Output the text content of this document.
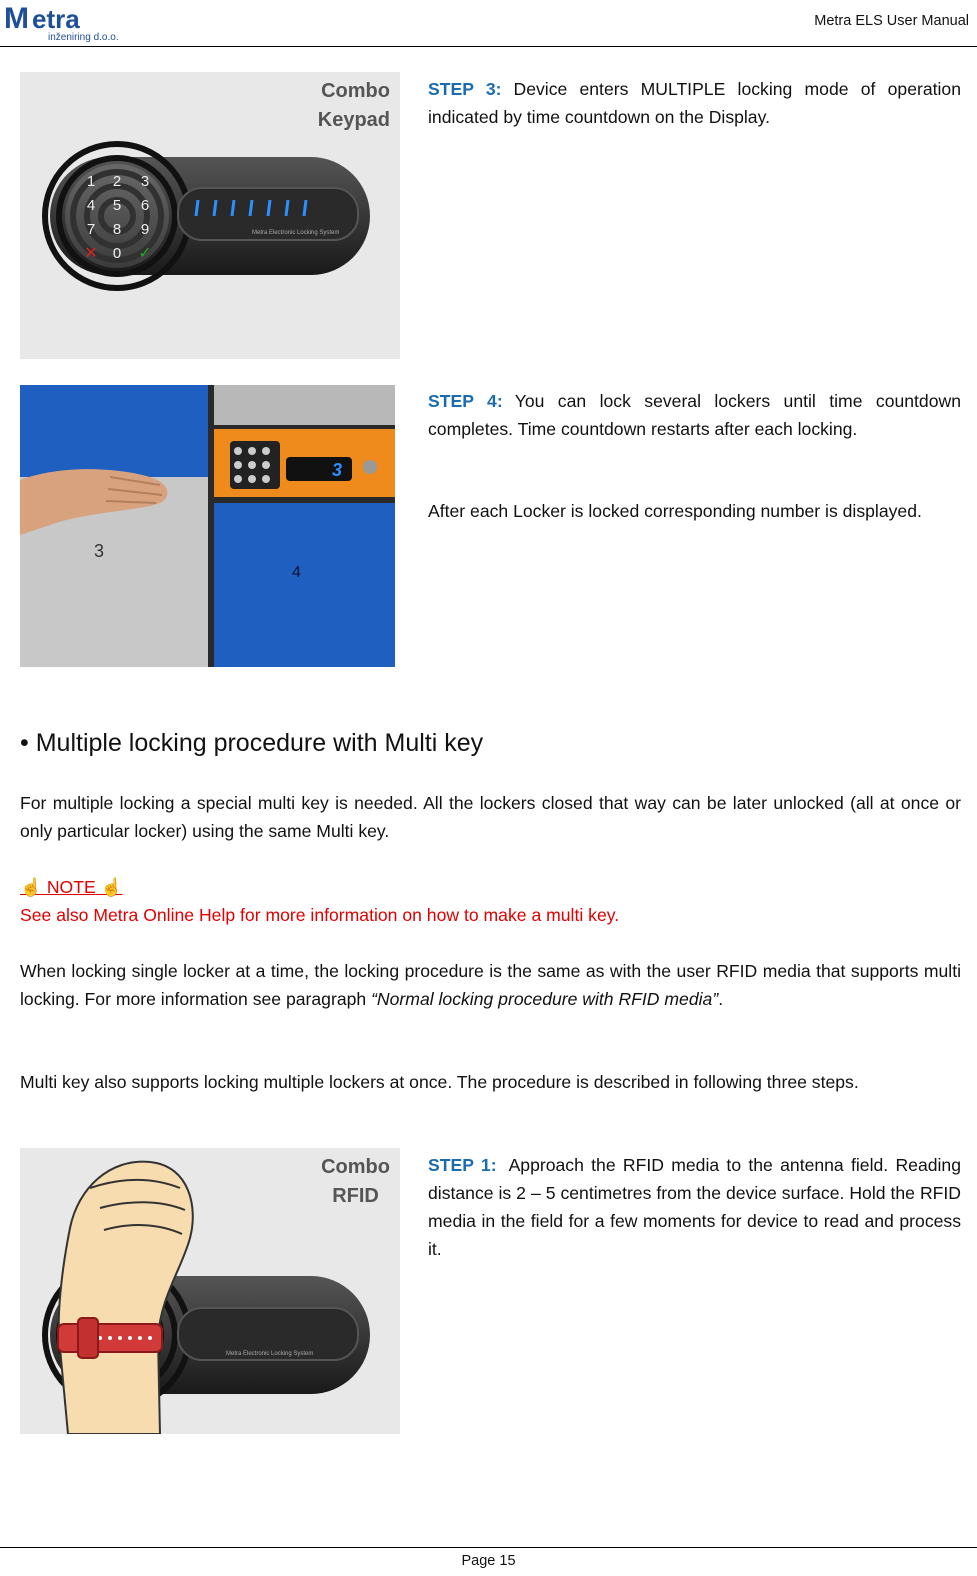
M etra
inženiring d.o.o.
Metra ELS User Manual
Combo
Keypad
1 2 3
4 5 6
7 8 9
0
✕	✓
Metra Electronic Locking System
STEP 3: Device enters MULTIPLE locking mode of operation indicated by time countdown on the Display.
3
3
4
STEP 4: You can lock several lockers until time countdown completes. Time countdown restarts after each locking.
After each Locker is locked corresponding number is displayed.
• Multiple locking procedure with Multi key
For multiple locking a special multi key is needed. All the lockers closed that way can be later unlocked (all at once or only particular locker) using the same Multi key.
☝ NOTE ☝
See also Metra Online Help for more information on how to make a multi key.
When locking single locker at a time, the locking procedure is the same as with the user RFID media that supports multi locking. For more information see paragraph “Normal locking procedure with RFID media”.
Multi key also supports locking multiple lockers at once. The procedure is described in following three steps.
Combo
RFID
Metra Electronic Locking System
STEP 1: Approach the RFID media to the antenna field. Reading distance is 2 – 5 centimetres from the device surface. Hold the RFID media in the field for a few moments for device to read and process it.
Page 15
